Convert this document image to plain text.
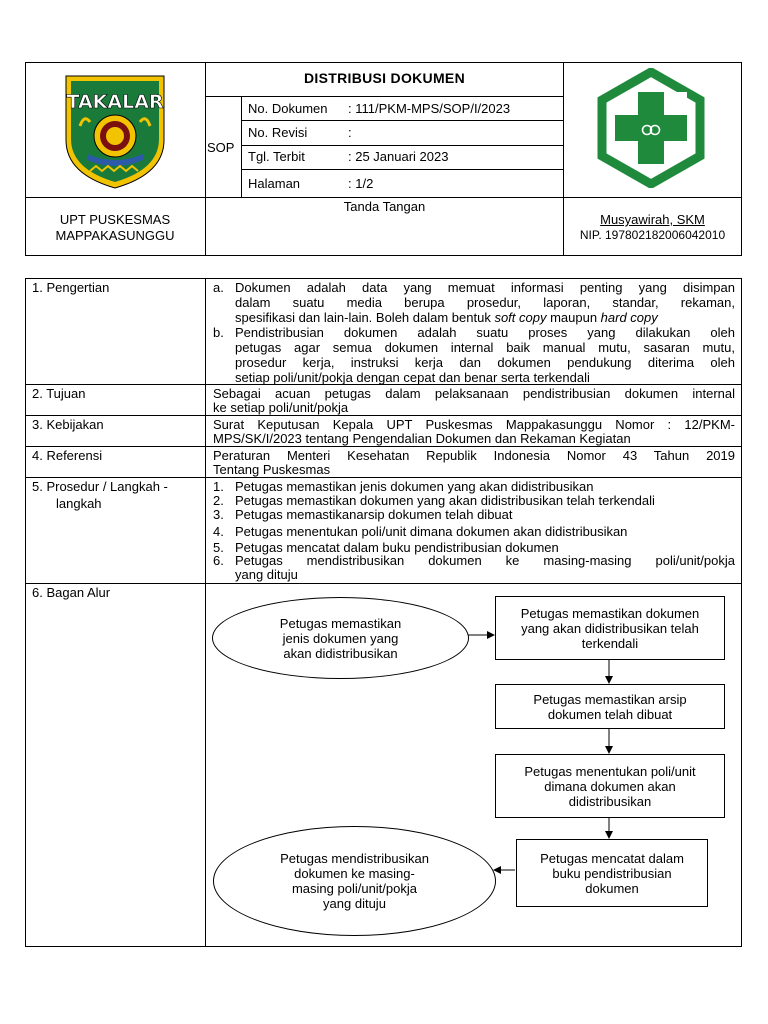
TAKALAR
DISTRIBUSI DOKUMEN
SOP
No. Dokumen : 111/PKM-MPS/SOP/I/2023
No. Revisi	:
Tgl. Terbit	: 25 Januari 2023
Halaman	: 1/2
UPT PUSKESMAS
MAPPAKASUNGGU
Tanda Tangan
Musyawirah, SKM
NIP. 197802182006042010
1. Pengertian	a. Dokumen adalah data yang memuat informasi penting yang disimpan
dalam suatu media berupa prosedur, laporan, standar, rekaman,
spesifikasi dan lain-lain. Boleh dalam bentuk soft copy maupun hard copy
b. Pendistribusian dokumen adalah suatu proses yang dilakukan oleh
petugas agar semua dokumen internal baik manual mutu, sasaran mutu,
prosedur kerja, instruksi kerja dan dokumen pendukung diterima oleh
setiap poli/unit/pokja dengan cepat dan benar serta terkendali
2. Tujuan	Sebagai acuan petugas dalam pelaksanaan pendistribusian dokumen internal
ke setiap poli/unit/pokja
3. Kebijakan	Surat Keputusan Kepala UPT Puskesmas Mappakasunggu Nomor : 12/PKM-
MPS/SK/I/2023 tentang Pengendalian Dokumen dan Rekaman Kegiatan
4. Referensi	Peraturan Menteri Kesehatan Republik Indonesia Nomor 43 Tahun 2019
Tentang Puskesmas
5. Prosedur / Langkah -
langkah
1. Petugas memastikan jenis dokumen yang akan didistribusikan
2. Petugas memastikan dokumen yang akan didistribusikan telah terkendali
3. Petugas memastikanarsip dokumen telah dibuat
4. Petugas menentukan poli/unit dimana dokumen akan didistribusikan
5. Petugas mencatat dalam buku pendistribusian dokumen
6. Petugas mendistribusikan dokumen ke masing-masing poli/unit/pokja
yang dituju
6. Bagan Alur
Petugas memastikan
jenis dokumen yang
akan didistribusikan
Petugas memastikan dokumen
yang akan didistribusikan telah
terkendali
Petugas memastikan arsip
dokumen telah dibuat
Petugas menentukan poli/unit
dimana dokumen akan
didistribusikan
Petugas mencatat dalam
buku pendistribusian
dokumen
Petugas mendistribusikan
dokumen ke masing-
masing poli/unit/pokja
yang dituju
